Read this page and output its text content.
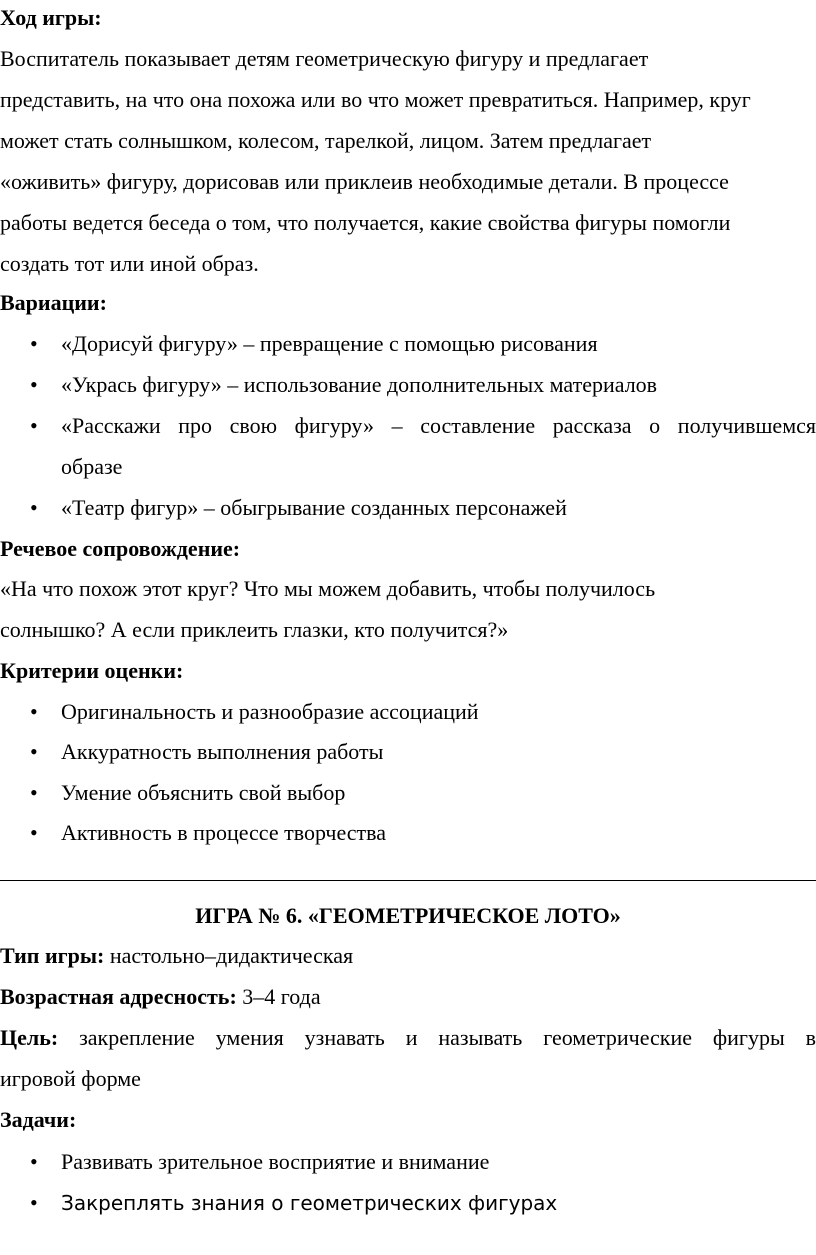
Ход игры:
Воспитатель показывает детям геометрическую фигуру и предлагает
представить, на что она похожа или во что может превратиться. Например, круг
может стать солнышком, колесом, тарелкой, лицом. Затем предлагает
«оживить» фигуру, дорисовав или приклеив необходимые детали. В процессе
работы ведется беседа о том, что получается, какие свойства фигуры помогли
создать тот или иной образ.
Вариации:
• «Дорисуй фигуру» – превращение с помощью рисования
• «Укрась фигуру» – использование дополнительных материалов
• «Расскажи про свою фигуру» – составление рассказа о получившемся
образе
• «Театр фигур» – обыгрывание созданных персонажей
Речевое сопровождение:
«На что похож этот круг? Что мы можем добавить, чтобы получилось
солнышко? А если приклеить глазки, кто получится?»
Критерии оценки:
• Оригинальность и разнообразие ассоциаций
• Аккуратность выполнения работы
• Умение объяснить свой выбор
• Активность в процессе творчества
ИГРА № 6. «ГЕОМЕТРИЧЕСКОЕ ЛОТО»
Тип игры: настольно–дидактическая
Возрастная адресность: 3–4 года
Цель: закрепление умения узнавать и называть геометрические фигуры в
игровой форме
Задачи:
• Развивать зрительное восприятие и внимание
• Закреплять знания о геометрических фигурах
